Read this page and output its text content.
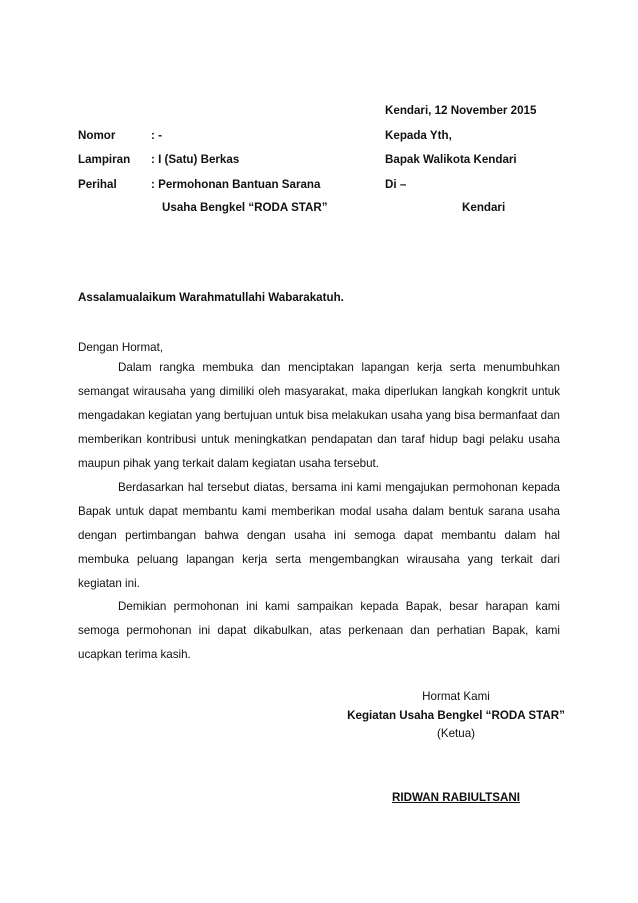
Kendari, 12 November 2015
Nomor	: -	Kepada Yth,
Lampiran : I (Satu) Berkas	Bapak Walikota Kendari
Perihal	: Permohonan Bantuan Sarana	Di –
Usaha Bengkel “RODA STAR”	Kendari
Assalamualaikum Warahmatullahi Wabarakatuh.
Dengan Hormat,

Dalam rangka membuka dan menciptakan lapangan kerja serta menumbuhkan semangat wirausaha yang dimiliki oleh masyarakat, maka diperlukan langkah kongkrit untuk mengadakan kegiatan yang bertujuan untuk bisa melakukan usaha yang bisa bermanfaat dan memberikan kontribusi untuk meningkatkan pendapatan dan taraf hidup bagi pelaku usaha maupun pihak yang terkait dalam kegiatan usaha tersebut.

Berdasarkan hal tersebut diatas, bersama ini kami mengajukan permohonan kepada Bapak untuk dapat membantu kami memberikan modal usaha dalam bentuk sarana usaha dengan pertimbangan bahwa dengan usaha ini semoga dapat membantu dalam hal membuka peluang lapangan kerja serta mengembangkan wirausaha yang terkait dari kegiatan ini.

Demikian permohonan ini kami sampaikan kepada Bapak, besar harapan kami semoga permohonan ini dapat dikabulkan, atas perkenaan dan perhatian Bapak, kami ucapkan terima kasih.

Hormat Kami
Kegiatan Usaha Bengkel “RODA STAR”
(Ketua)
RIDWAN RABIULTSANI
